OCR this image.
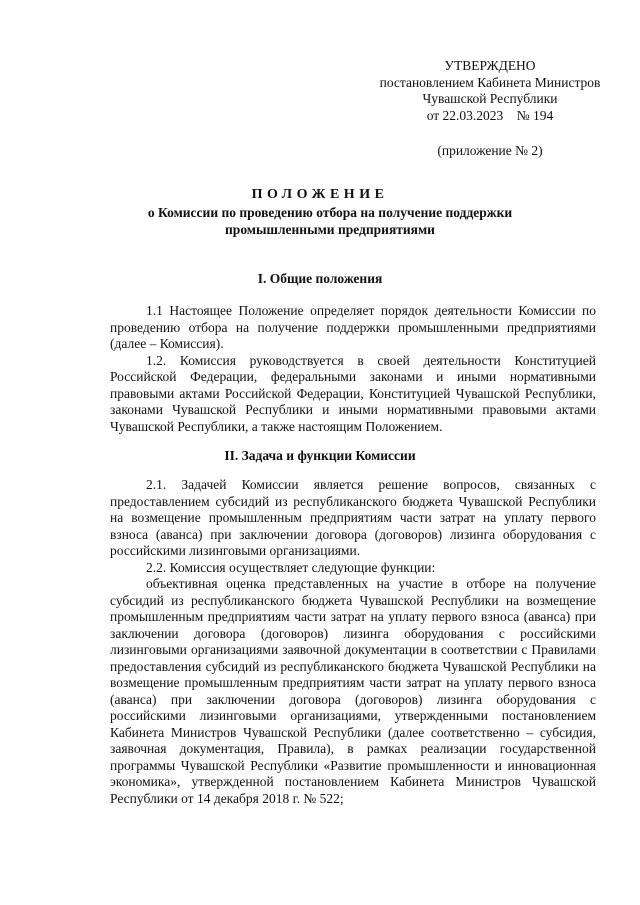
УТВЕРЖДЕНО
постановлением Кабинета Министров
Чувашской Республики
от 22.03.2023    № 194
(приложение № 2)
ПОЛОЖЕНИЕ
о Комиссии по проведению отбора на получение поддержки промышленными предприятиями
I. Общие положения

1.1 Настоящее Положение определяет порядок деятельности Комиссии по проведению отбора на получение поддержки промышленными предприятиями (далее – Комиссия).

1.2. Комиссия руководствуется в своей деятельности Конституцией Российской Федерации, федеральными законами и иными нормативными правовыми актами Российской Федерации, Конституцией Чувашской Республики, законами Чувашской Республики и иными нормативными правовыми актами Чувашской Республики, а также настоящим Положением.

II. Задача и функции Комиссии

2.1. Задачей Комиссии является решение вопросов, связанных с предоставлением субсидий из республиканского бюджета Чувашской Республики на возмещение промышленным предприятиям части затрат на уплату первого взноса (аванса) при заключении договора (договоров) лизинга оборудования с российскими лизинговыми организациями.

2.2. Комиссия осуществляет следующие функции:

объективная оценка представленных на участие в отборе на получение субсидий из республиканского бюджета Чувашской Республики на возмещение промышленным предприятиям части затрат на уплату первого взноса (аванса) при заключении договора (договоров) лизинга оборудования с российскими лизинговыми организациями заявочной документации в соответствии с Правилами предоставления субсидий из республиканского бюджета Чувашской Республики на возмещение промышленным предприятиям части затрат на уплату первого взноса (аванса) при заключении договора (договоров) лизинга оборудования с российскими лизинговыми организациями, утвержденными постановлением Кабинета Министров Чувашской Республики (далее соответственно – субсидия, заявочная документация, Правила), в рамках реализации государственной программы Чувашской Республики «Развитие промышленности и инновационная экономика», утвержденной постановлением Кабинета Министров Чувашской Республики от 14 декабря 2018 г. № 522;
